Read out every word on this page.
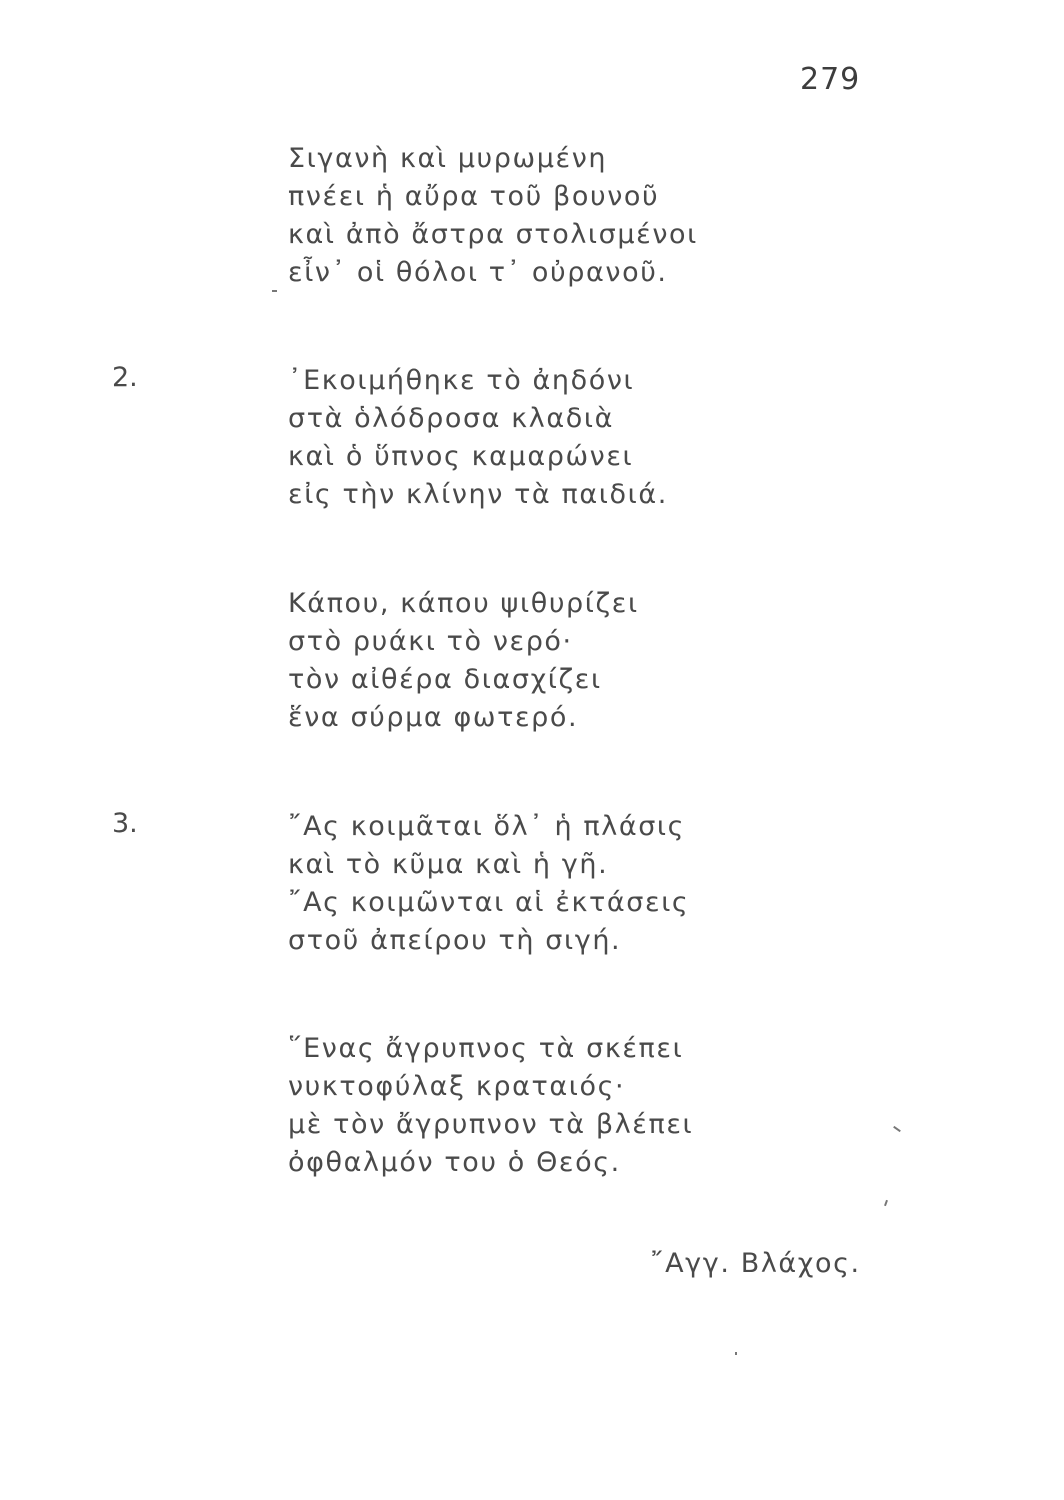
279
Σιγανὴ καὶ μυρωμένη
πνέει ἡ αὔρα τοῦ βουνοῦ
καὶ ἀπὸ ἄστρα στολισμένοι
εἶν᾽ οἱ θόλοι τ᾽ οὐρανοῦ.
2.	᾽Εκοιμήθηκε τὸ ἀηδόνι
στὰ ὁλόδροσα κλαδιὰ
καὶ ὁ ὕπνος καμαρώνει
εἰς τὴν κλίνην τὰ παιδιά.
Κάπου, κάπου ψιθυρίζει
στὸ ρυάκι τὸ νερό·
τὸν αἰθέρα διασχίζει
ἕνα σύρμα φωτερό.
3.	῎Ας κοιμᾶται ὅλ᾽ ἡ πλάσις
καὶ τὸ κῦμα καὶ ἡ γῆ.
῎Ας κοιμῶνται αἱ ἐκτάσεις
στοῦ ἀπείρου τὴ σιγή.
῞Ενας ἄγρυπνος τὰ σκέπει
νυκτοφύλαξ κραταιός·
μὲ τὸν ἄγρυπνον τὰ βλέπει
ὀφθαλμόν του ὁ Θεός.
῎Αγγ. Βλάχος.
